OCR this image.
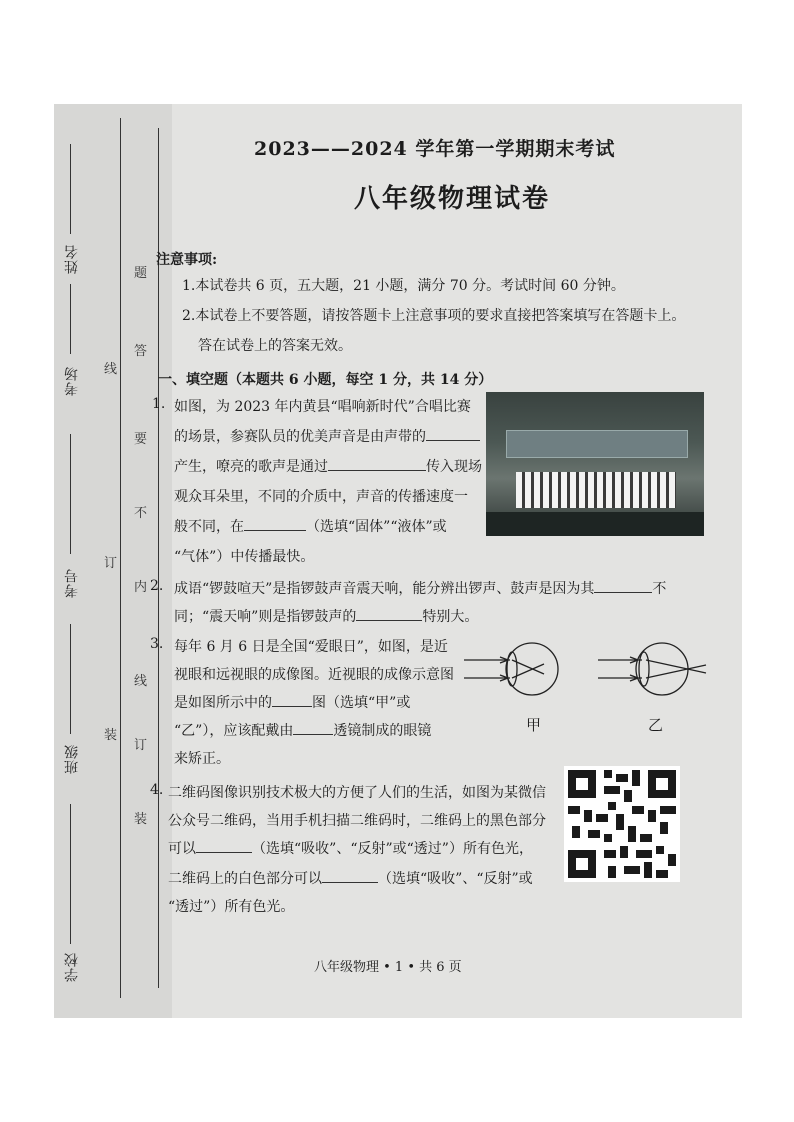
姓名
考场
考号
班级
学校
题
答
线
要
不
订
内
线
装
订
装
2023——2024 学年第一学期期末考试
八年级物理试卷
注意事项:
1.本试卷共 6 页，五大题，21 小题，满分 70 分。考试时间 60 分钟。
2.本试卷上不要答题，请按答题卡上注意事项的要求直接把答案填写在答题卡上。
答在试卷上的答案无效。
一、填空题（本题共 6 小题，每空 1 分，共 14 分）
1. 如图，为 2023 年内黄县“唱响新时代”合唱比赛
的场景，参赛队员的优美声音是由声带的
产生，嘹亮的歌声是通过	传入现场
观众耳朵里，不同的介质中，声音的传播速度一
般不同，在	（选填“固体”“液体”或
“气体”）中传播最快。
2. 成语“锣鼓喧天”是指锣鼓声音震天响，能分辨出锣声、鼓声是因为其	不
同；“震天响”则是指锣鼓声的	特别大。
3. 每年 6 月 6 日是全国“爱眼日”，如图，是近
视眼和远视眼的成像图。近视眼的成像示意图
是如图所示中的	图（选填“甲”或
“乙”），应该配戴由	透镜制成的眼镜
来矫正。
甲	乙
4. 二维码图像识别技术极大的方便了人们的生活，如图为某微信
公众号二维码，当用手机扫描二维码时，二维码上的黑色部分
可以	（选填“吸收”、“反射”或“透过”）所有色光，
二维码上的白色部分可以	（选填“吸收”、“反射”或
“透过”）所有色光。
八年级物理 • 1 • 共 6 页
